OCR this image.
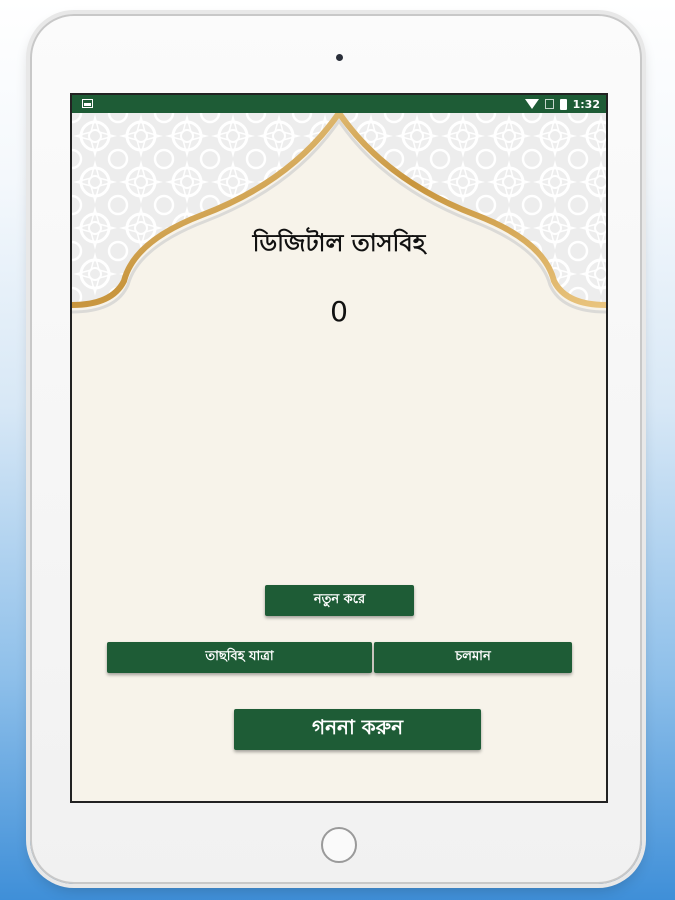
1:32
ডিজিটাল তাসবিহ
0
নতুন করে
তাছবিহ যাত্রা	চলমান
গননা করুন
